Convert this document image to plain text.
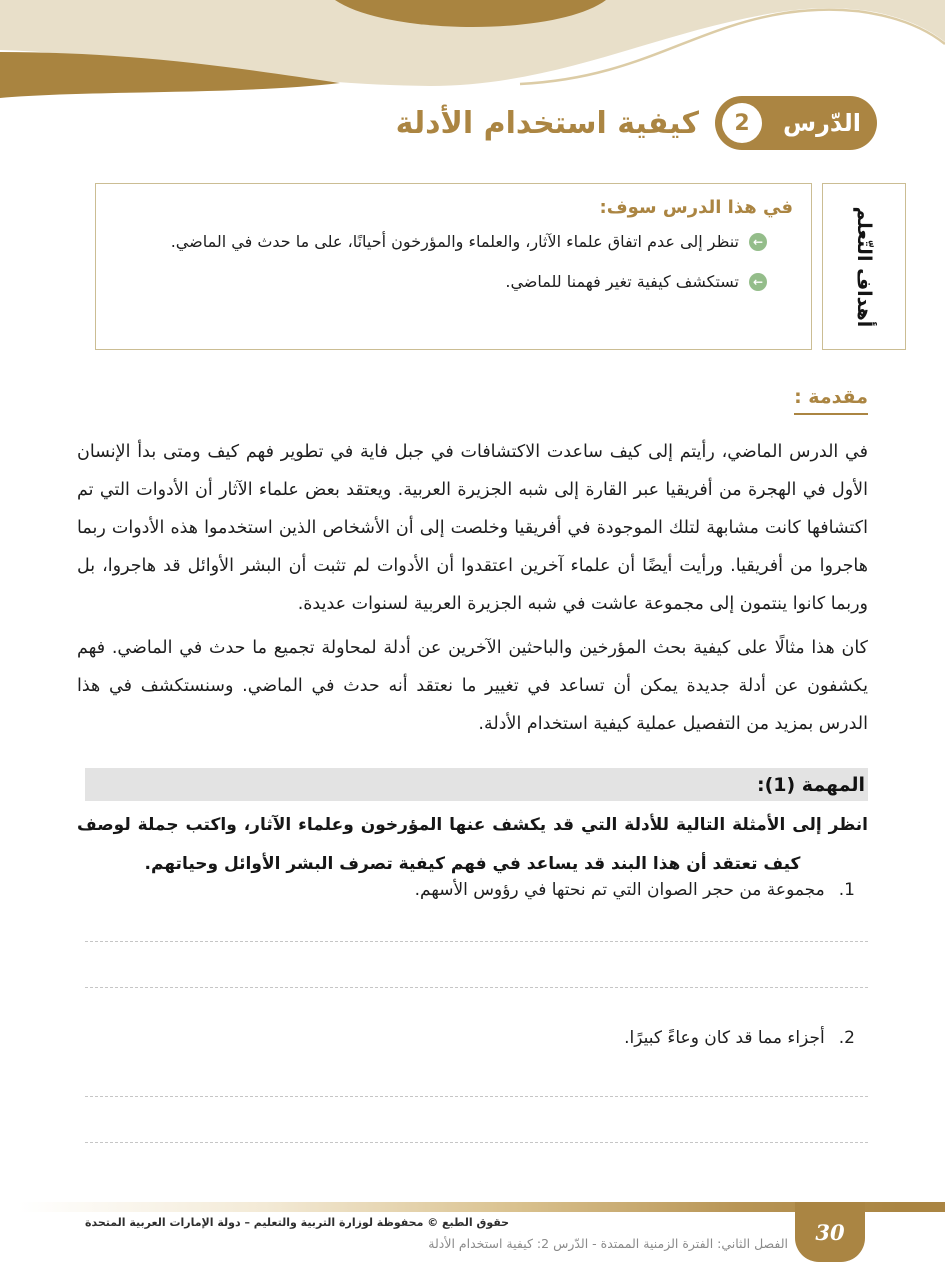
الدّرس
2
كيفية استخدام الأدلة
في هذا الدرس سوف:
←
تنظر إلى عدم اتفاق علماء الآثار، والعلماء والمؤرخون أحيانًا، على ما حدث في الماضي.
←
تستكشف كيفية تغير فهمنا للماضي.	أهداف التّعلم
مقدمة :

في الدرس الماضي، رأيتم إلى كيف ساعدت الاكتشافات في جبل فاية في تطوير فهم كيف ومتى بدأ الإنسان الأول في الهجرة من أفريقيا عبر القارة إلى شبه الجزيرة العربية. ويعتقد بعض علماء الآثار أن الأدوات التي تم اكتشافها كانت مشابهة لتلك الموجودة في أفريقيا وخلصت إلى أن الأشخاص الذين استخدموا هذه الأدوات ربما هاجروا من أفريقيا. ورأيت أيضًا أن علماء آخرين اعتقدوا أن الأدوات لم تثبت أن البشر الأوائل قد هاجروا، بل وربما كانوا ينتمون إلى مجموعة عاشت في شبه الجزيرة العربية لسنوات عديدة.

كان هذا مثالًا على كيفية بحث المؤرخين والباحثين الآخرين عن أدلة لمحاولة تجميع ما حدث في الماضي. فهم يكشفون عن أدلة جديدة يمكن أن تساعد في تغيير ما نعتقد أنه حدث في الماضي. وسنستكشف في هذا الدرس بمزيد من التفصيل عملية كيفية استخدام الأدلة.

المهمة (1):

انظر إلى الأمثلة التالية للأدلة التي قد يكشف عنها المؤرخون وعلماء الآثار، واكتب جملة لوصف كيف تعتقد أن هذا البند قد يساعد في فهم كيفية تصرف البشر الأوائل وحياتهم.

1.مجموعة من حجر الصوان التي تم نحتها في رؤوس الأسهم.
2.أجزاء مما قد كان وعاءً كبيرًا.
30
حقوق الطبع © محفوظة لوزارة التربية والتعليم – دولة الإمارات العربية المتحدة
الفصل الثاني: الفترة الزمنية الممتدة - الدّرس 2: كيفية استخدام الأدلة
